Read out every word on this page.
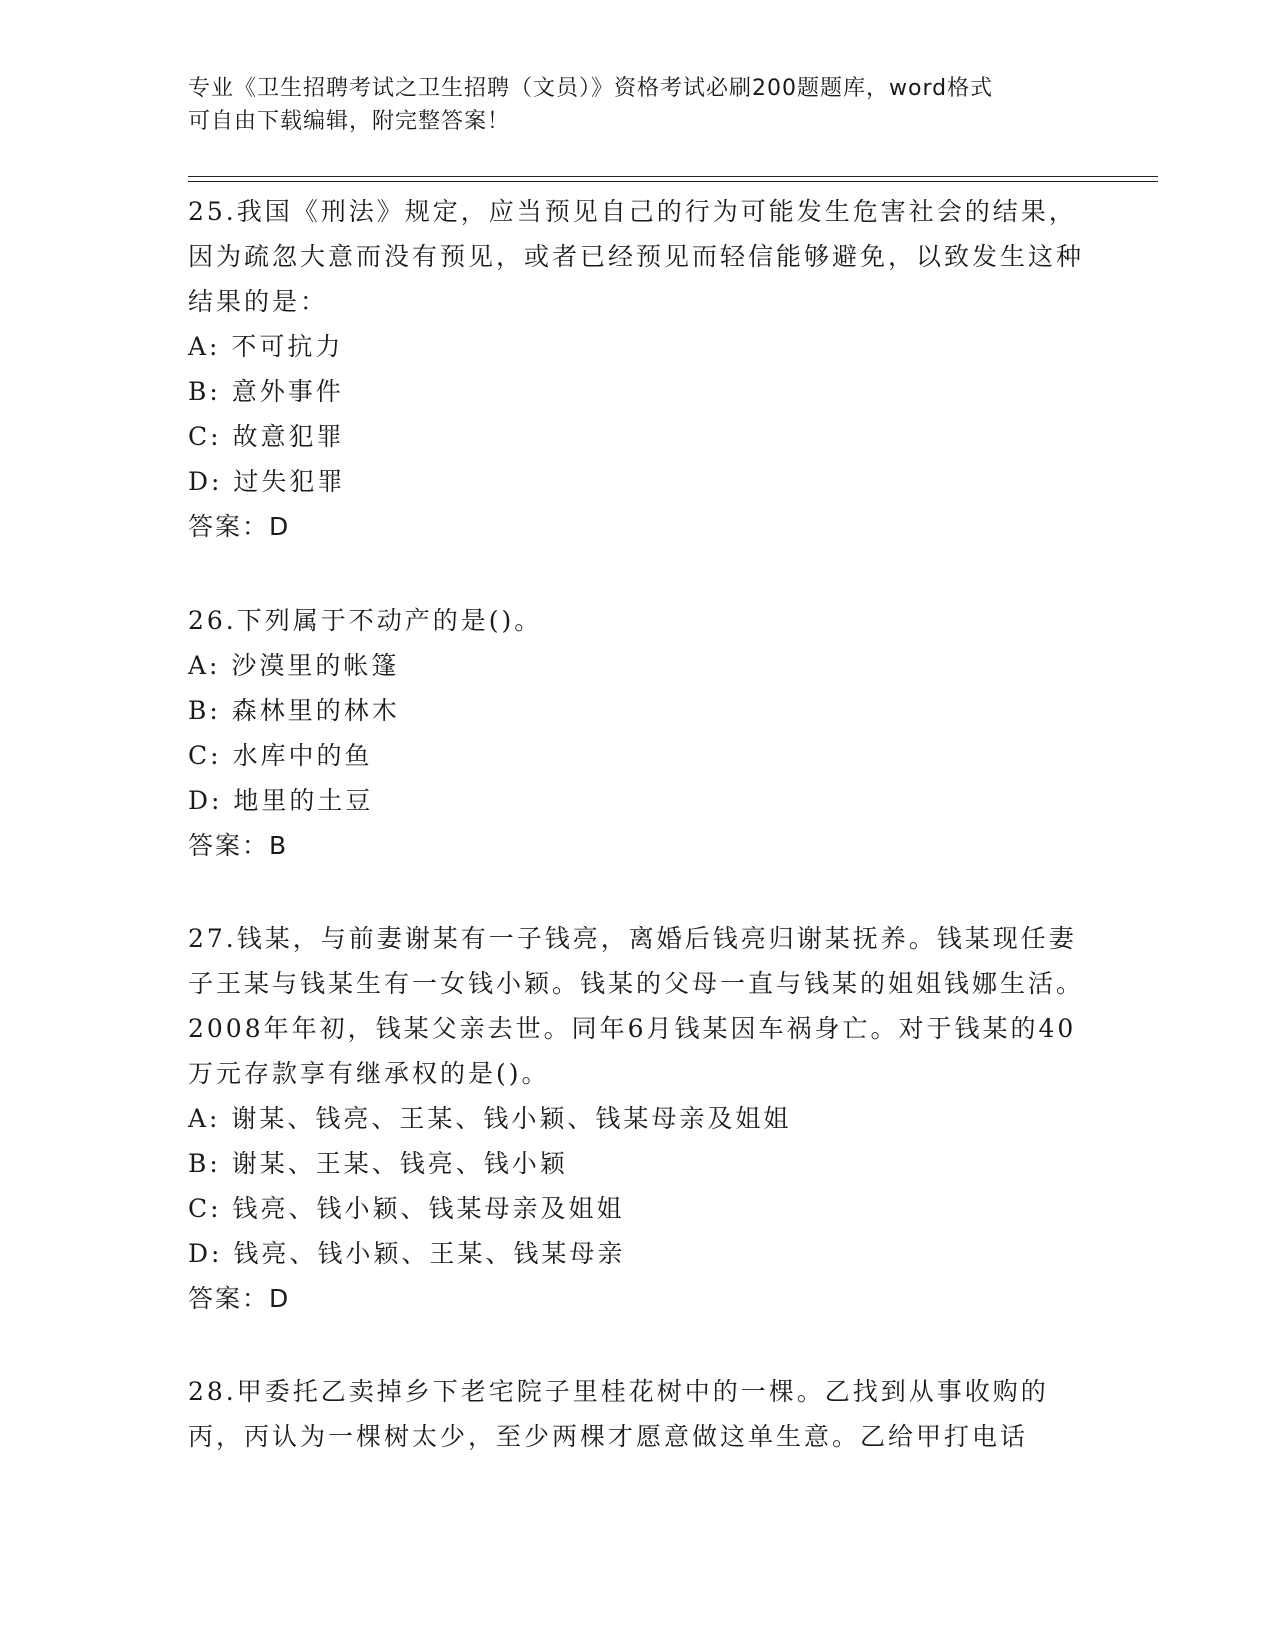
专业《卫生招聘考试之卫生招聘（文员）》资格考试必刷200题题库，word格式
可自由下载编辑，附完整答案！

25.我国《刑法》规定，应当预见自己的行为可能发生危害社会的结果，因为疏忽大意而没有预见，或者已经预见而轻信能够避免，以致发生这种结果的是：

A: 不可抗力

B: 意外事件

C: 故意犯罪

D: 过失犯罪

答案：D

26.下列属于不动产的是()。

A: 沙漠里的帐篷

B: 森林里的林木

C: 水库中的鱼

D: 地里的土豆

答案：B

27.钱某，与前妻谢某有一子钱亮，离婚后钱亮归谢某抚养。钱某现任妻子王某与钱某生有一女钱小颖。钱某的父母一直与钱某的姐姐钱娜生活。2008年年初，钱某父亲去世。同年6月钱某因车祸身亡。对于钱某的40万元存款享有继承权的是()。

A: 谢某、钱亮、王某、钱小颖、钱某母亲及姐姐

B: 谢某、王某、钱亮、钱小颖

C: 钱亮、钱小颖、钱某母亲及姐姐

D: 钱亮、钱小颖、王某、钱某母亲

答案：D

28.甲委托乙卖掉乡下老宅院子里桂花树中的一棵。乙找到从事收购的丙，丙认为一棵树太少，至少两棵才愿意做这单生意。乙给甲打电话
